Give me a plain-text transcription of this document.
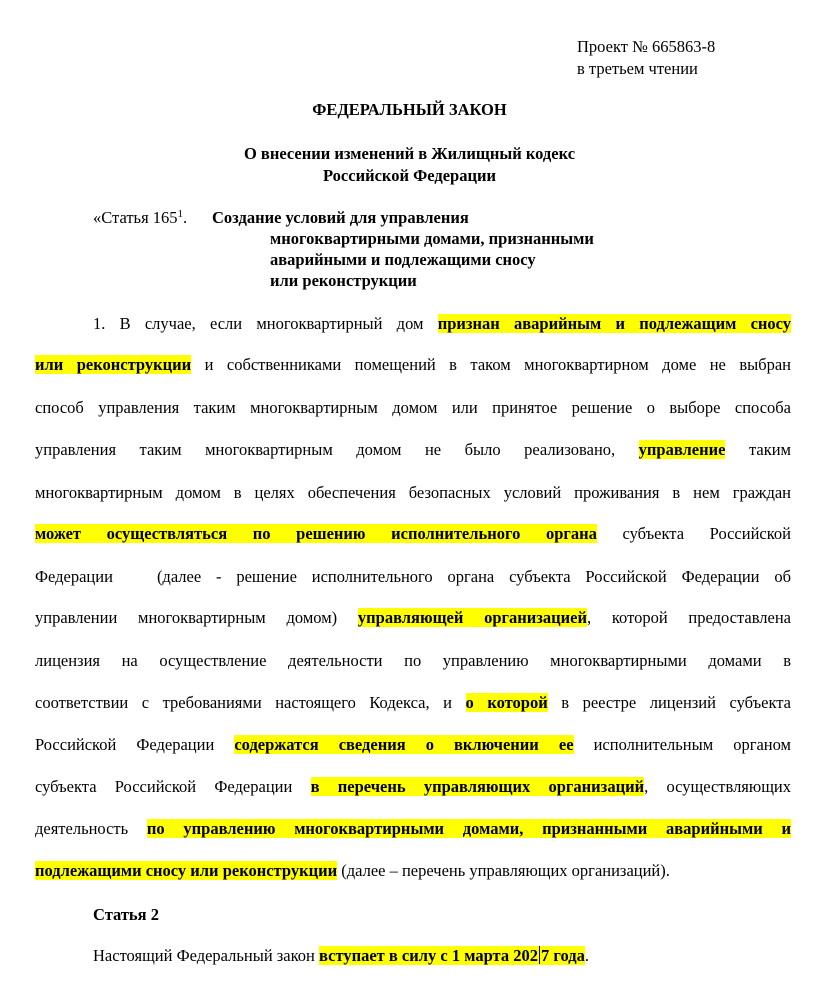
Проект № 665863-8
в третьем чтении
ФЕДЕРАЛЬНЫЙ ЗАКОН
О внесении изменений в Жилищный кодекс
Российской Федерации
«Статья $165^1$. Создание условий для управления
многоквартирными домами, признанными
аварийными и подлежащими сносу
или реконструкции
1. В случае, если многоквартирный дом признан аварийным и подлежащим сносу
или реконструкции и собственниками помещений в таком многоквартирном доме не выбран
способ управления таким многоквартирным домом или принятое решение о выборе способа
управления таким многоквартирным домом не было реализовано, управление таким
многоквартирным домом в целях обеспечения безопасных условий проживания в нем граждан
может осуществляться по решению исполнительного органа субъекта Российской
Федерации	(далее - решение исполнительного органа субъекта Российской Федерации об
управлении многоквартирным домом) управляющей организацией, которой предоставлена
лицензия на осуществление деятельности по управлению многоквартирными домами в
соответствии с требованиями настоящего Кодекса, и о которой в реестре лицензий субъекта
Российской Федерации содержатся сведения о включении ее исполнительным органом
субъекта Российской Федерации в перечень управляющих организаций, осуществляющих
деятельность по управлению многоквартирными домами, признанными аварийными и
подлежащими сносу или реконструкции (далее – перечень управляющих организаций).
Статья 2
Настоящий Федеральный закон вступает в силу с 1 марта 202 7 года.
